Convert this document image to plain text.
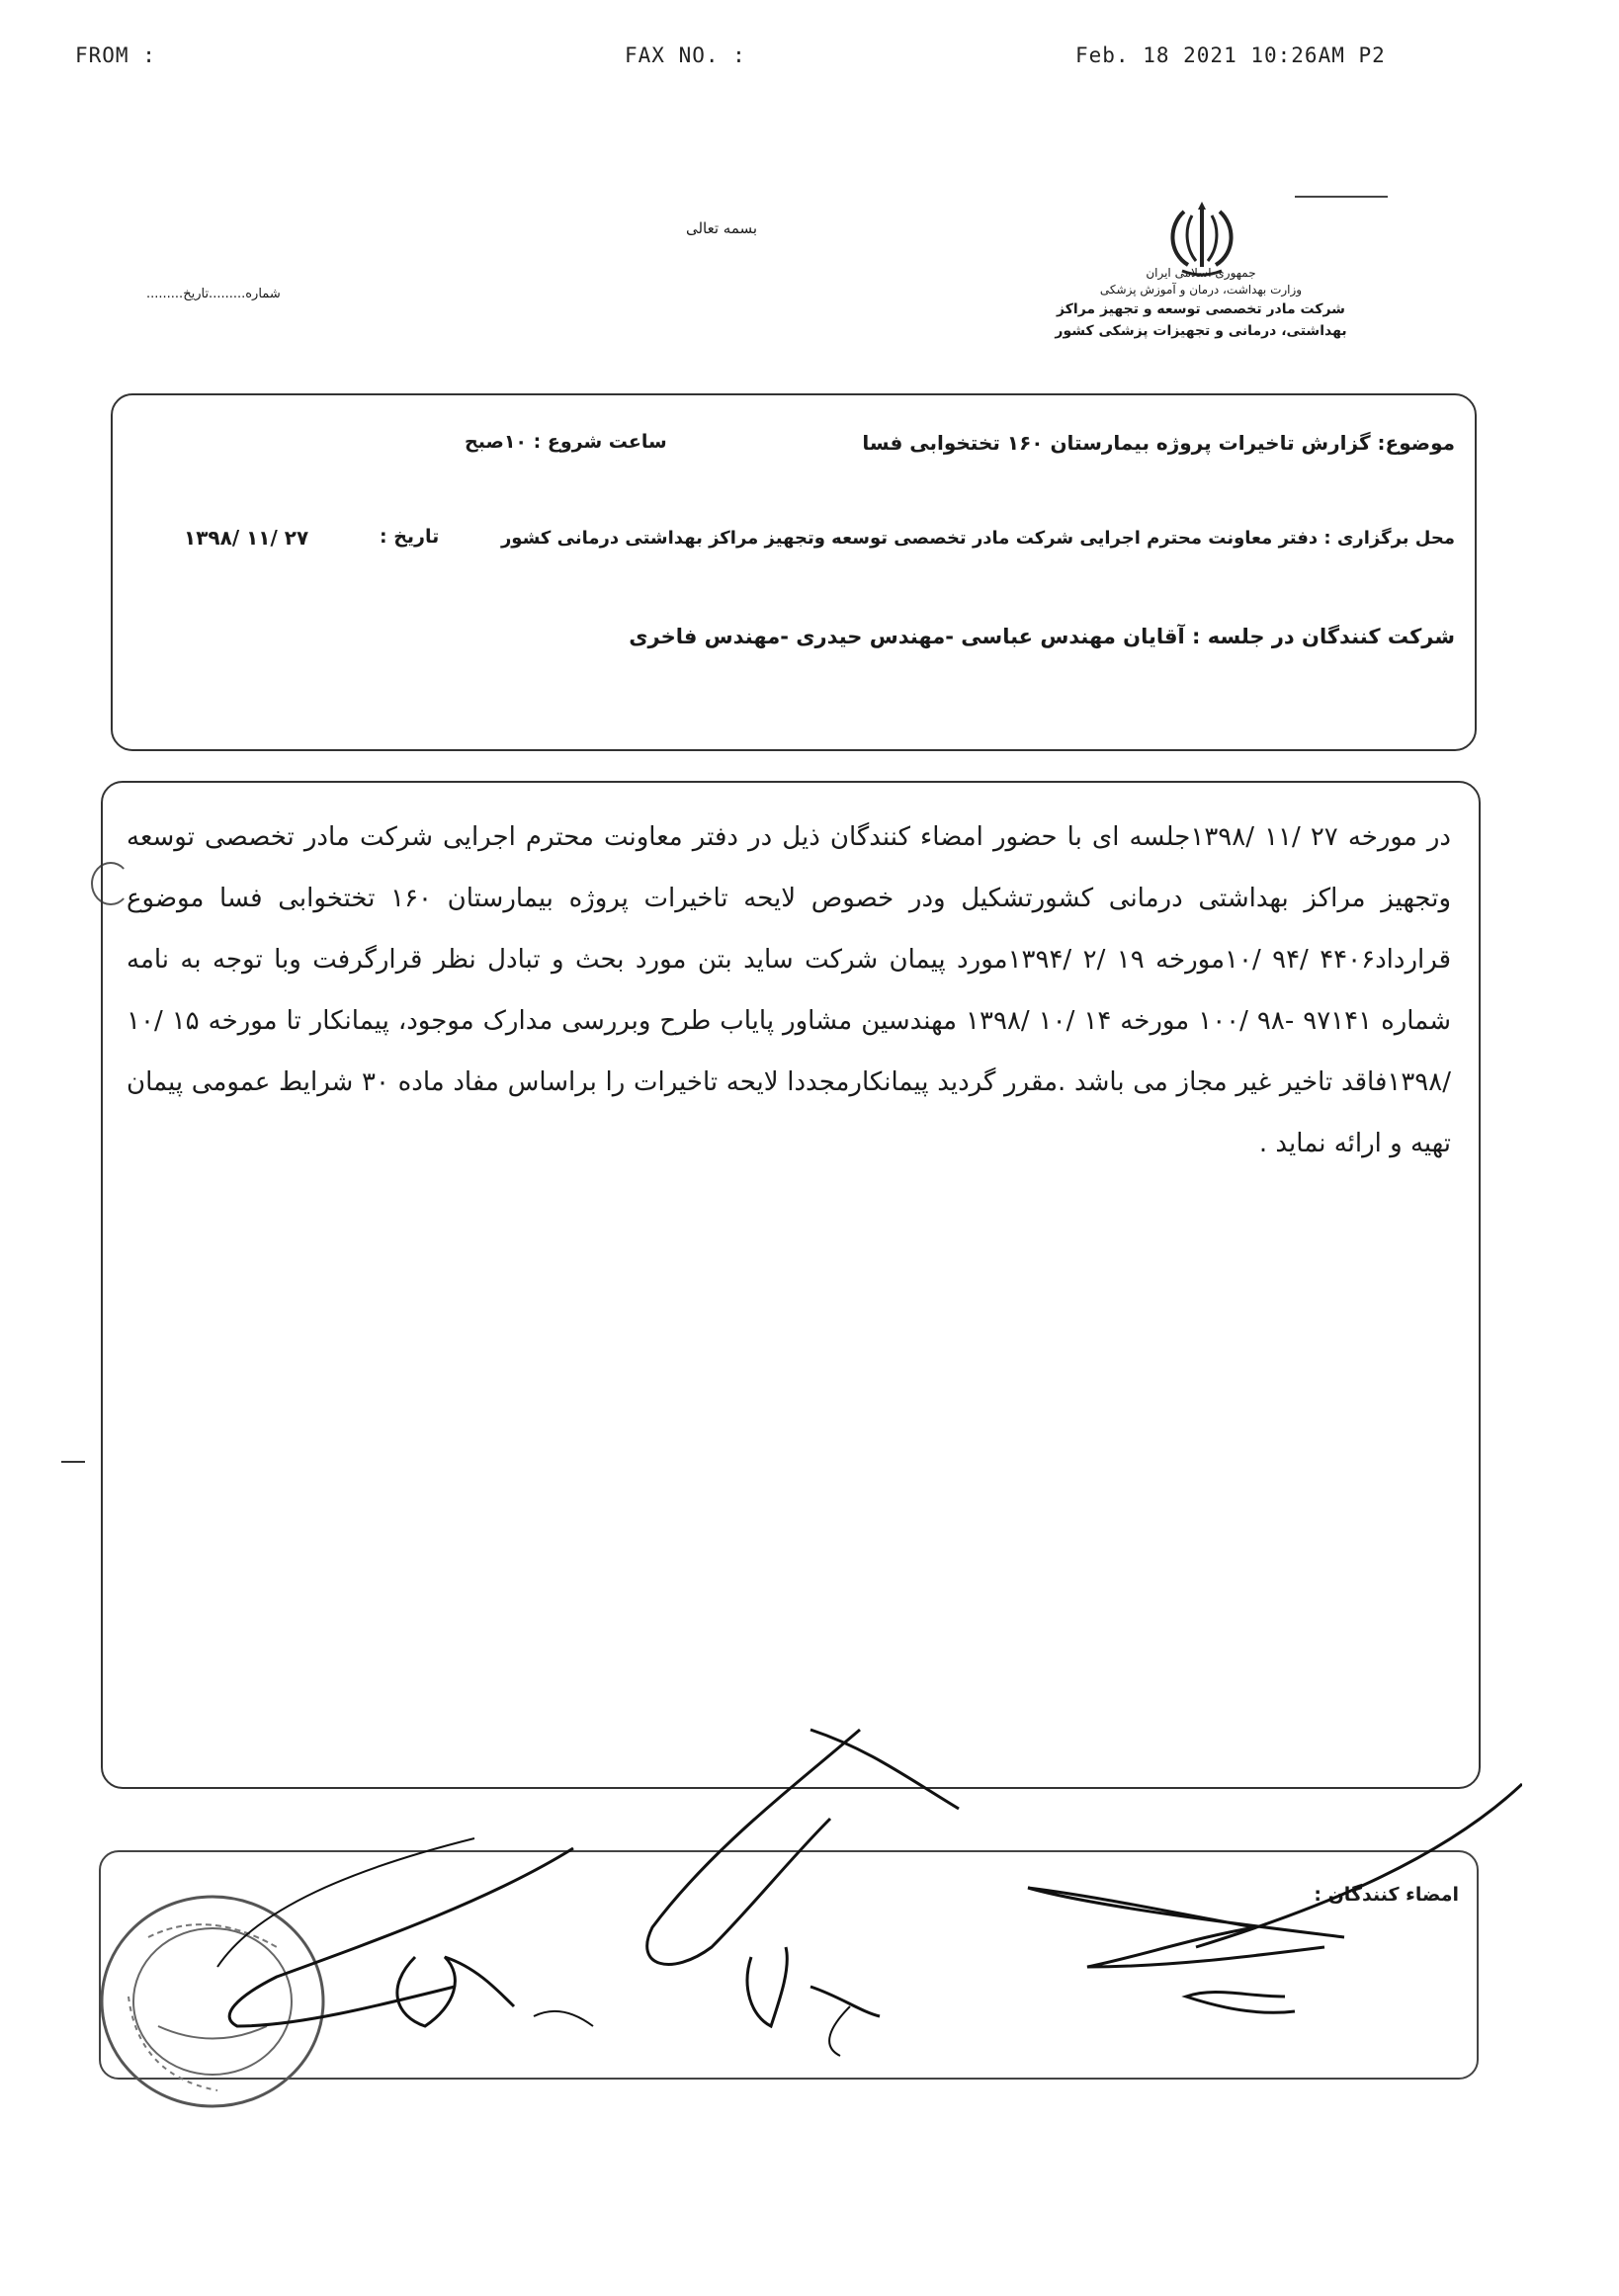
FROM :	FAX NO. :	Feb. 18 2021 10:26AM P2
بسمه تعالی
شماره.........تاریخ.........
جمهوری اسلامی ایران
وزارت بهداشت، درمان و آموزش پزشکی
شرکت مادر تخصصی توسعه و تجهیز مراکز
بهداشتی، درمانی و تجهیزات پزشکی کشور
موضوع: گزارش تاخیرات پروژه بیمارستان ۱۶۰ تختخوابی فسا
ساعت شروع : ۱۰صبح
محل برگزاری : دفتر معاونت محترم اجرایی شرکت مادر تخصصی توسعه وتجهیز مراکز بهداشتی درمانی کشور
تاریخ :
۱۳۹۸/ ۱۱/ ۲۷
شرکت کنندگان در جلسه : آقایان مهندس عباسی -مهندس حیدری -مهندس فاخری
در مورخه ۲۷ /۱۱ /۱۳۹۸جلسه ای با حضور امضاء کنندگان ذیل در دفتر معاونت محترم اجرایی شرکت مادر تخصصی توسعه وتجهیز مراکز بهداشتی درمانی کشورتشکیل ودر خصوص لایحه تاخیرات پروژه بیمارستان ۱۶۰ تختخوابی فسا موضوع قرارداد۴۴۰۶ /۹۴ /۱۰مورخه ۱۹ /۲ /۱۳۹۴مورد پیمان شرکت ساید بتن مورد بحث و تبادل نظر قرارگرفت وبا توجه به نامه شماره ۹۷۱۴۱ -۹۸ /۱۰۰ مورخه ۱۴ /۱۰ /۱۳۹۸ مهندسین مشاور پایاب طرح وبررسی مدارک موجود، پیمانکار تا مورخه ۱۵ /۱۰ /۱۳۹۸فاقد تاخیر غیر مجاز می باشد .مقرر گردید پیمانکارمجددا لایحه تاخیرات را براساس مفاد ماده ۳۰ شرایط عمومی پیمان تهیه و ارائه نماید .
امضاء کنندگان :
